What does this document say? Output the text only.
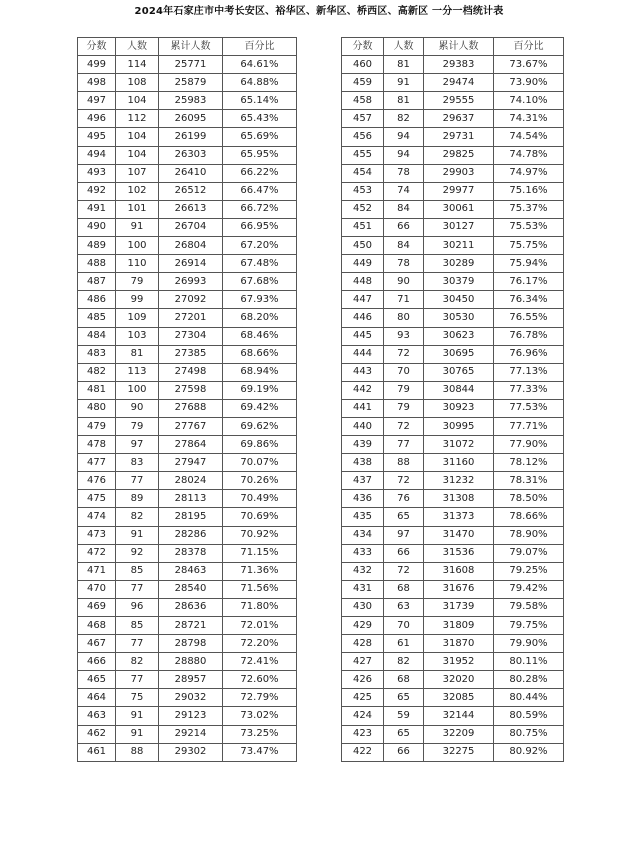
2024年石家庄市中考长安区、裕华区、新华区、桥西区、高新区 一分一档统计表
分数	人数	累计人数	百分比
499	114	25771	64.61%
498	108	25879	64.88%
497	104	25983	65.14%
496	112	26095	65.43%
495	104	26199	65.69%
494	104	26303	65.95%
493	107	26410	66.22%
492	102	26512	66.47%
491	101	26613	66.72%
490	91	26704	66.95%
489	100	26804	67.20%
488	110	26914	67.48%
487	79	26993	67.68%
486	99	27092	67.93%
485	109	27201	68.20%
484	103	27304	68.46%
483	81	27385	68.66%
482	113	27498	68.94%
481	100	27598	69.19%
480	90	27688	69.42%
479	79	27767	69.62%
478	97	27864	69.86%
477	83	27947	70.07%
476	77	28024	70.26%
475	89	28113	70.49%
474	82	28195	70.69%
473	91	28286	70.92%
472	92	28378	71.15%
471	85	28463	71.36%
470	77	28540	71.56%
469	96	28636	71.80%
468	85	28721	72.01%
467	77	28798	72.20%
466	82	28880	72.41%
465	77	28957	72.60%
464	75	29032	72.79%
463	91	29123	73.02%
462	91	29214	73.25%
461	88	29302	73.47%
分数	人数	累计人数	百分比
460	81	29383	73.67%
459	91	29474	73.90%
458	81	29555	74.10%
457	82	29637	74.31%
456	94	29731	74.54%
455	94	29825	74.78%
454	78	29903	74.97%
453	74	29977	75.16%
452	84	30061	75.37%
451	66	30127	75.53%
450	84	30211	75.75%
449	78	30289	75.94%
448	90	30379	76.17%
447	71	30450	76.34%
446	80	30530	76.55%
445	93	30623	76.78%
444	72	30695	76.96%
443	70	30765	77.13%
442	79	30844	77.33%
441	79	30923	77.53%
440	72	30995	77.71%
439	77	31072	77.90%
438	88	31160	78.12%
437	72	31232	78.31%
436	76	31308	78.50%
435	65	31373	78.66%
434	97	31470	78.90%
433	66	31536	79.07%
432	72	31608	79.25%
431	68	31676	79.42%
430	63	31739	79.58%
429	70	31809	79.75%
428	61	31870	79.90%
427	82	31952	80.11%
426	68	32020	80.28%
425	65	32085	80.44%
424	59	32144	80.59%
423	65	32209	80.75%
422	66	32275	80.92%
